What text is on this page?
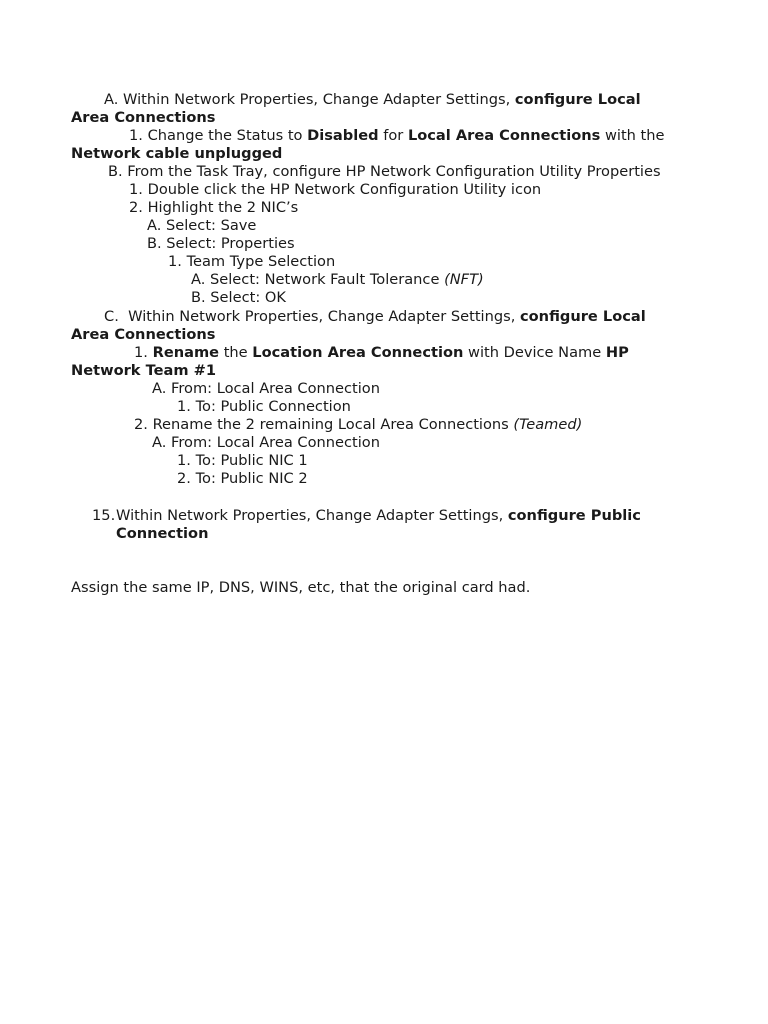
A. Within Network Properties, Change Adapter Settings, configure Local
Area Connections
1. Change the Status to Disabled for Local Area Connections with the
Network cable unplugged
B. From the Task Tray, configure HP Network Configuration Utility Properties
1. Double click the HP Network Configuration Utility icon
2. Highlight the 2 NIC’s
A. Select: Save
B. Select: Properties
1. Team Type Selection
A. Select: Network Fault Tolerance (NFT)
B. Select: OK
C. Within Network Properties, Change Adapter Settings, configure Local
Area Connections
1. Rename the Location Area Connection with Device Name HP
Network Team #1
A. From: Local Area Connection
1. To: Public Connection
2. Rename the 2 remaining Local Area Connections (Teamed)
A. From: Local Area Connection
1. To: Public NIC 1
2. To: Public NIC 2
15. Within Network Properties, Change Adapter Settings, configure Public
Connection
Assign the same IP, DNS, WINS, etc, that the original card had.
